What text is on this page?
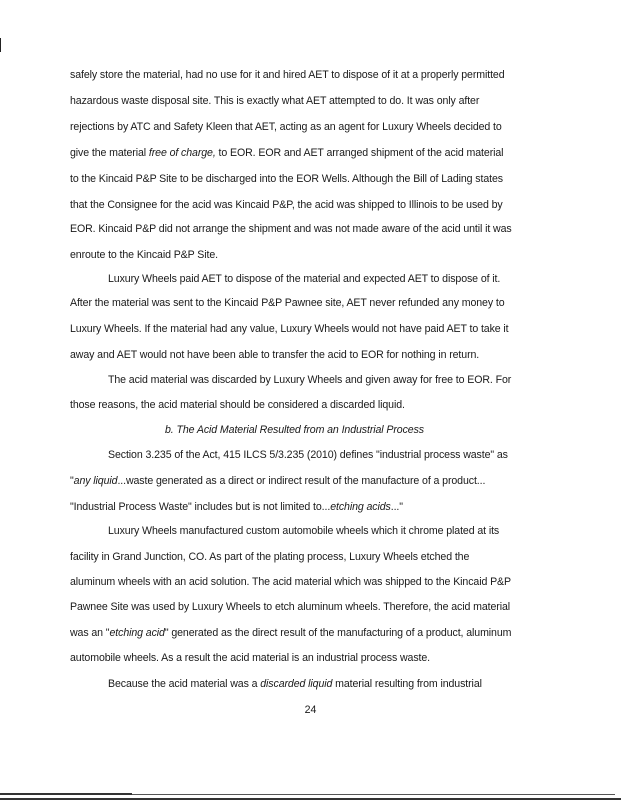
safely store the material, had no use for it and hired AET to dispose of it at a properly permitted
hazardous waste disposal site. This is exactly what AET attempted to do. It was only after
rejections by ATC and Safety Kleen that AET, acting as an agent for Luxury Wheels decided to
give the material free of charge, to EOR. EOR and AET arranged shipment of the acid material
to the Kincaid P&P Site to be discharged into the EOR Wells. Although the Bill of Lading states
that the Consignee for the acid was Kincaid P&P, the acid was shipped to Illinois to be used by
EOR. Kincaid P&P did not arrange the shipment and was not made aware of the acid until it was
enroute to the Kincaid P&P Site.
Luxury Wheels paid AET to dispose of the material and expected AET to dispose of it.
After the material was sent to the Kincaid P&P Pawnee site, AET never refunded any money to
Luxury Wheels. If the material had any value, Luxury Wheels would not have paid AET to take it
away and AET would not have been able to transfer the acid to EOR for nothing in return.
The acid material was discarded by Luxury Wheels and given away for free to EOR. For
those reasons, the acid material should be considered a discarded liquid.
b. The Acid Material Resulted from an Industrial Process
Section 3.235 of the Act, 415 ILCS 5/3.235 (2010) defines "industrial process waste" as
"any liquid...waste generated as a direct or indirect result of the manufacture of a product...
"Industrial Process Waste" includes but is not limited to...etching acids..."
Luxury Wheels manufactured custom automobile wheels which it chrome plated at its
facility in Grand Junction, CO. As part of the plating process, Luxury Wheels etched the
aluminum wheels with an acid solution. The acid material which was shipped to the Kincaid P&P
Pawnee Site was used by Luxury Wheels to etch aluminum wheels. Therefore, the acid material
was an "etching acid" generated as the direct result of the manufacturing of a product, aluminum
automobile wheels. As a result the acid material is an industrial process waste.
Because the acid material was a discarded liquid material resulting from industrial
24
